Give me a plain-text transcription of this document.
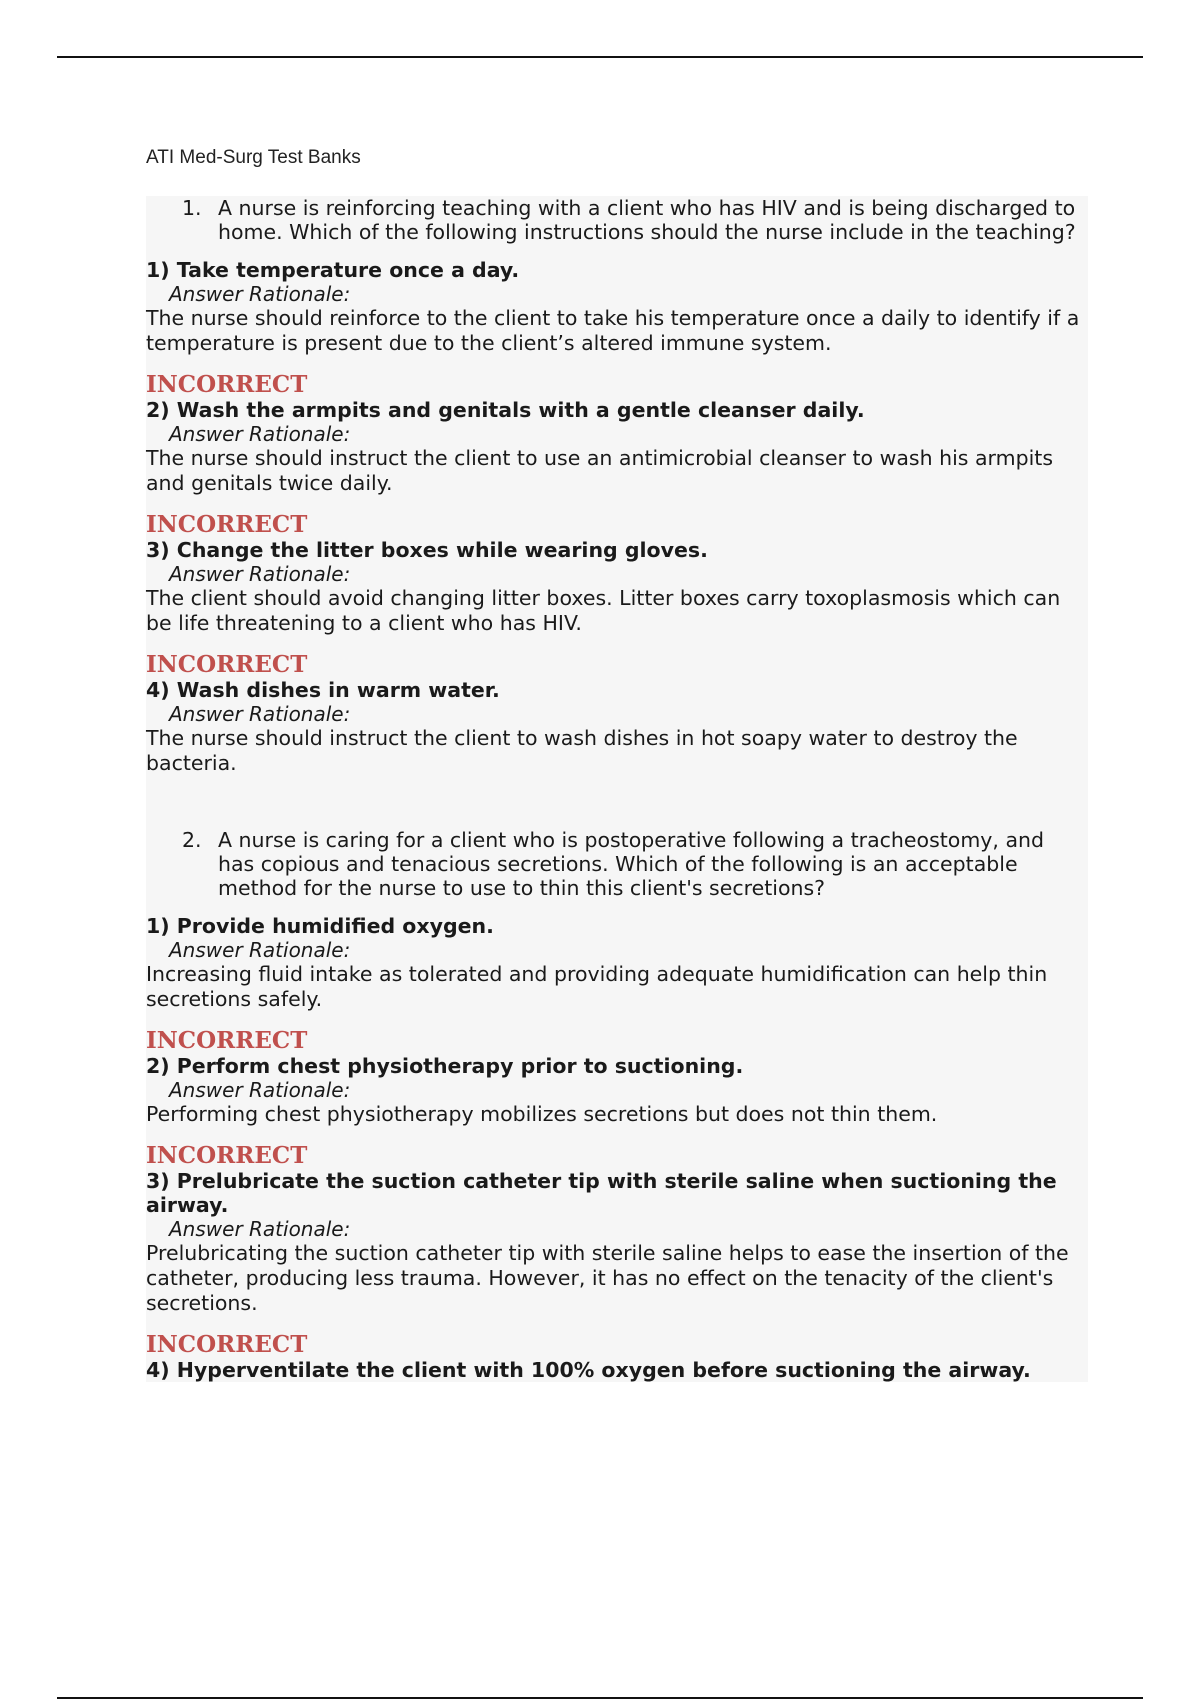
ATI Med-Surg Test Banks
1. A nurse is reinforcing teaching with a client who has HIV and is being discharged to home. Which of the following instructions should the nurse include in the teaching?
1) Take temperature once a day.
Answer Rationale:
The nurse should reinforce to the client to take his temperature once a daily to identify if a temperature is present due to the client’s altered immune system.
INCORRECT
2) Wash the armpits and genitals with a gentle cleanser daily.
Answer Rationale:
The nurse should instruct the client to use an antimicrobial cleanser to wash his armpits and genitals twice daily.
INCORRECT
3) Change the litter boxes while wearing gloves.
Answer Rationale:
The client should avoid changing litter boxes. Litter boxes carry toxoplasmosis which can be life threatening to a client who has HIV.
INCORRECT
4) Wash dishes in warm water.
Answer Rationale:
The nurse should instruct the client to wash dishes in hot soapy water to destroy the bacteria.
2. A nurse is caring for a client who is postoperative following a tracheostomy, and has copious and tenacious secretions. Which of the following is an acceptable method for the nurse to use to thin this client's secretions?
1) Provide humidified oxygen.
Answer Rationale:
Increasing fluid intake as tolerated and providing adequate humidification can help thin secretions safely.
INCORRECT
2) Perform chest physiotherapy prior to suctioning.
Answer Rationale:
Performing chest physiotherapy mobilizes secretions but does not thin them.
INCORRECT
3) Prelubricate the suction catheter tip with sterile saline when suctioning the airway.
Answer Rationale:
Prelubricating the suction catheter tip with sterile saline helps to ease the insertion of the catheter, producing less trauma. However, it has no effect on the tenacity of the client's secretions.
INCORRECT
4) Hyperventilate the client with 100% oxygen before suctioning the airway.
